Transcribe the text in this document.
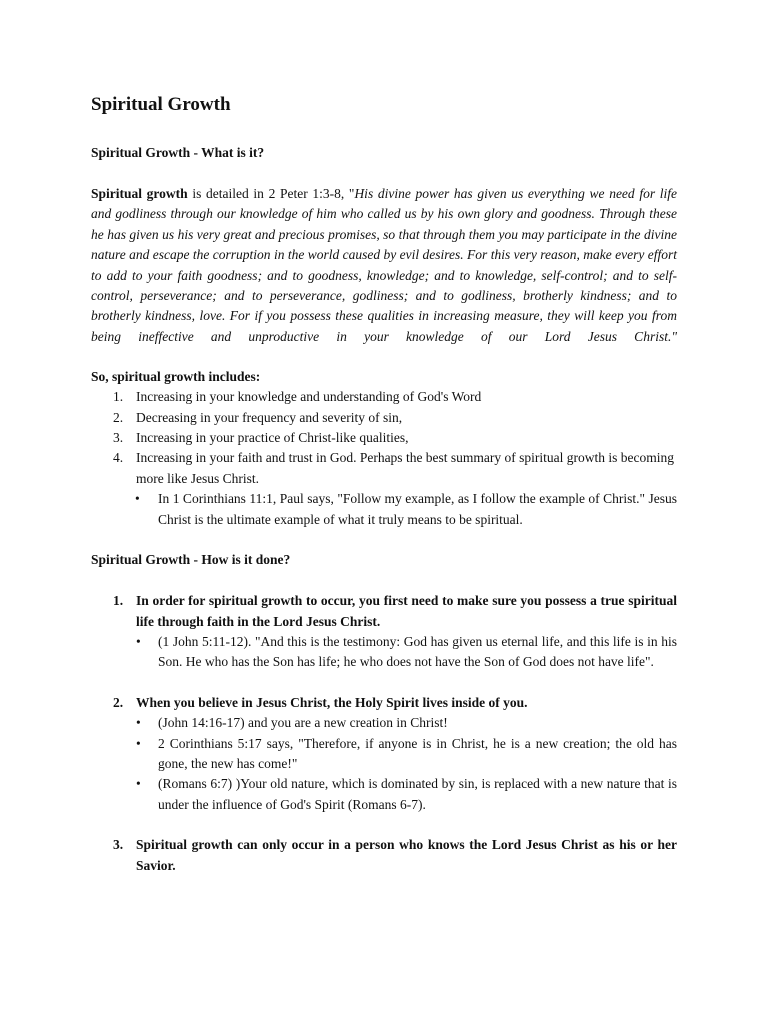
Spiritual Growth
Spiritual Growth - What is it?

Spiritual growth is detailed in 2 Peter 1:3-8, "His divine power has given us everything we need for life and godliness through our knowledge of him who called us by his own glory and goodness. Through these he has given us his very great and precious promises, so that through them you may participate in the divine nature and escape the corruption in the world caused by evil desires. For this very reason, make every effort to add to your faith goodness; and to goodness, knowledge; and to knowledge, self-control; and to self-control, perseverance; and to perseverance, godliness; and to godliness, brotherly kindness; and to brotherly kindness, love. For if you possess these qualities in increasing measure, they will keep you from being ineffective and unproductive in your knowledge of our Lord Jesus Christ."

So, spiritual growth includes:
1. Increasing in your knowledge and understanding of God's Word
2. Decreasing in your frequency and severity of sin,
3. Increasing in your practice of Christ-like qualities,
4. Increasing in your faith and trust in God. Perhaps the best summary of spiritual growth is becoming more like Jesus Christ.
• In 1 Corinthians 11:1, Paul says, "Follow my example, as I follow the example of Christ." Jesus Christ is the ultimate example of what it truly means to be spiritual.
Spiritual Growth - How is it done?
1. In order for spiritual growth to occur, you first need to make sure you possess a true spiritual life through faith in the Lord Jesus Christ.
• (1 John 5:11-12). "And this is the testimony: God has given us eternal life, and this life is in his Son. He who has the Son has life; he who does not have the Son of God does not have life".
2. When you believe in Jesus Christ, the Holy Spirit lives inside of you.
• (John 14:16-17) and you are a new creation in Christ!
• 2 Corinthians 5:17 says, "Therefore, if anyone is in Christ, he is a new creation; the old has gone, the new has come!"
• (Romans 6:7) )Your old nature, which is dominated by sin, is replaced with a new nature that is under the influence of God's Spirit (Romans 6-7).
3. Spiritual growth can only occur in a person who knows the Lord Jesus Christ as his or her Savior.
